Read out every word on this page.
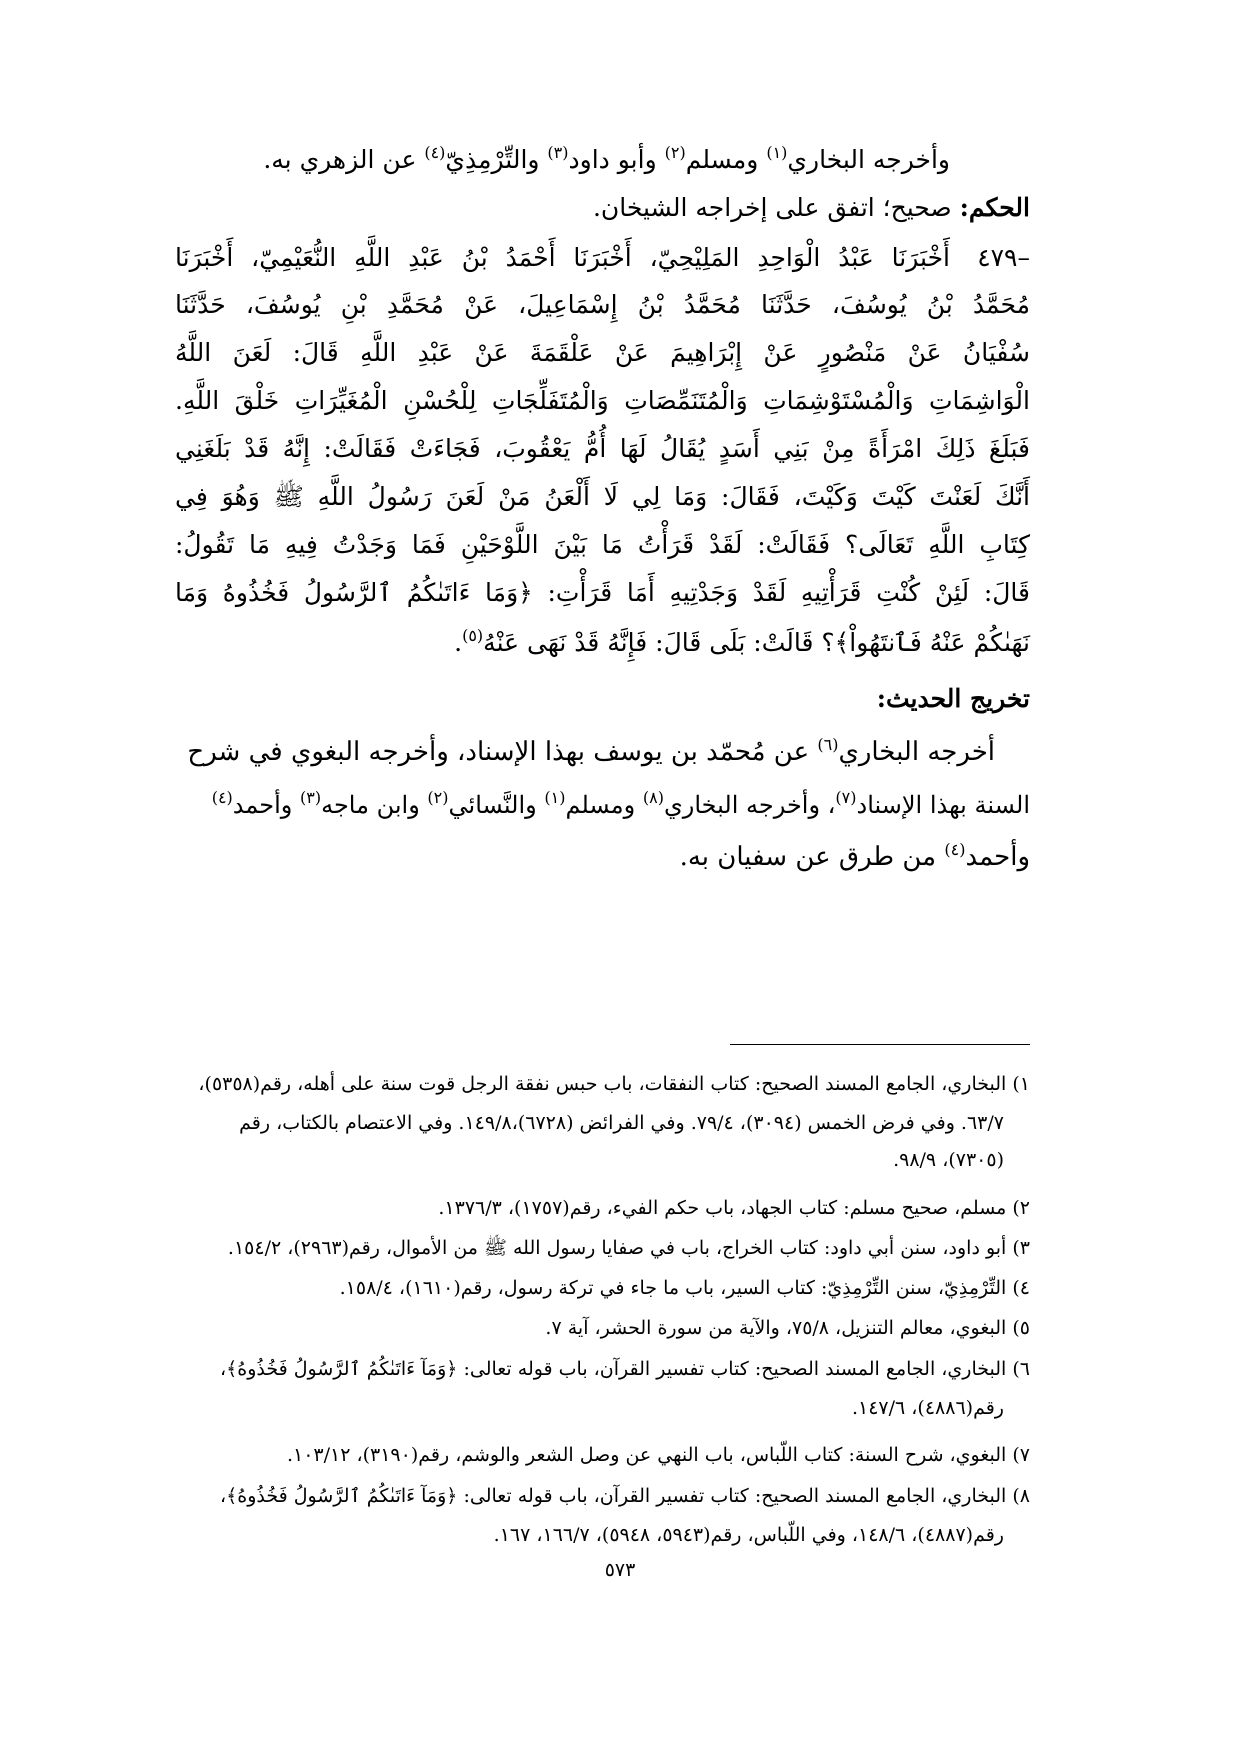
وأخرجه البخاري$^{(١)}$ ومسلم$^{(٢)}$ وأبو داود$^{(٣)}$ والتِّرْمِذِيّ$^{(٤)}$ عن الزهري به.
الحكم: صحيح؛ اتفق على إخراجه الشيخان.
٤٧٩–
أَخْبَرَنَا عَبْدُ الْوَاحِدِ المَلِيْحِيّ، أَخْبَرَنَا أَحْمَدُ بْنُ عَبْدِ اللَّهِ النُّعَيْمِيّ، أَخْبَرَنَا
مُحَمَّدُ بْنُ يُوسُفَ، حَدَّثَنَا مُحَمَّدُ بْنُ إِسْمَاعِيلَ، عَنْ مُحَمَّدِ بْنِ يُوسُفَ، حَدَّثَنَا
سُفْيَانُ عَنْ مَنْصُورٍ عَنْ إِبْرَاهِيمَ عَنْ عَلْقَمَةَ عَنْ عَبْدِ اللَّهِ قَالَ: لَعَنَ اللَّهُ
الْوَاشِمَاتِ وَالْمُسْتَوْشِمَاتِ وَالْمُتَنَمِّصَاتِ وَالْمُتَفَلِّجَاتِ لِلْحُسْنِ الْمُغَيِّرَاتِ خَلْقَ اللَّهِ.
فَبَلَغَ ذَلِكَ امْرَأَةً مِنْ بَنِي أَسَدٍ يُقَالُ لَهَا أُمُّ يَعْقُوبَ، فَجَاءَتْ فَقَالَتْ: إِنَّهُ قَدْ بَلَغَنِي
أَنَّكَ لَعَنْتَ كَيْتَ وَكَيْتَ، فَقَالَ: وَمَا لِي لَا أَلْعَنُ مَنْ لَعَنَ رَسُولُ اللَّهِ ﷺ وَهُوَ فِي
كِتَابِ اللَّهِ تَعَالَى؟ فَقَالَتْ: لَقَدْ قَرَأْتُ مَا بَيْنَ اللَّوْحَيْنِ فَمَا وَجَدْتُ فِيهِ مَا تَقُولُ:
قَالَ: لَئِنْ كُنْتِ قَرَأْتِيهِ لَقَدْ وَجَدْتِيهِ أَمَا قَرَأْتِ: ﴿وَمَا ءَاتَىٰكُمُ ٱلرَّسُولُ فَخُذُوهُ وَمَا
نَهَىٰكُمْ عَنْهُ فَٱنتَهُواْ﴾؟ قَالَتْ: بَلَى قَالَ: فَإِنَّهُ قَدْ نَهَى عَنْهُ$^{(٥)}$.
تخريج الحديث:
أخرجه البخاري$^{(٦)}$ عن مُحمّد بن يوسف بهذا الإسناد، وأخرجه البغوي في شرح
السنة بهذا الإسناد$^{(٧)}$، وأخرجه البخاري$^{(٨)}$ ومسلم$^{(١)}$ والنَّسائي$^{(٢)}$ وابن ماجه$^{(٣)}$ وأحمد$^{(٤)}$
وأحمد$^{(٤)}$ من طرق عن سفيان به.
١) البخاري، الجامع المسند الصحيح: كتاب النفقات، باب حبس نفقة الرجل قوت سنة على أهله، رقم(٥٣٥٨)،
٦٣/٧. وفي فرض الخمس (٣٠٩٤)، ٧٩/٤. وفي الفرائض (٦٧٢٨)،١٤٩/٨. وفي الاعتصام بالكتاب، رقم
(٧٣٠٥)، ٩٨/٩.
٢) مسلم، صحيح مسلم: كتاب الجهاد، باب حكم الفيء، رقم(١٧٥٧)، ١٣٧٦/٣.
٣) أبو داود، سنن أبي داود: كتاب الخراج، باب في صفايا رسول الله ﷺ من الأموال، رقم(٢٩٦٣)، ١٥٤/٢.
٤) التِّرْمِذِيّ، سنن التِّرْمِذِيّ: كتاب السير، باب ما جاء في تركة رسول، رقم(١٦١٠)، ١٥٨/٤.
٥) البغوي، معالم التنزيل، ٧٥/٨، والآية من سورة الحشر، آية ٧.
٦) البخاري، الجامع المسند الصحيح: كتاب تفسير القرآن، باب قوله تعالى: ﴿وَمَآ ءَاتَىٰكُمُ ٱلرَّسُولُ فَخُذُوهُ﴾،
رقم(٤٨٨٦)، ١٤٧/٦.
٧) البغوي، شرح السنة: كتاب اللّباس، باب النهي عن وصل الشعر والوشم، رقم(٣١٩٠)، ١٠٣/١٢.
٨) البخاري، الجامع المسند الصحيح: كتاب تفسير القرآن، باب قوله تعالى: ﴿وَمَآ ءَاتَىٰكُمُ ٱلرَّسُولُ فَخُذُوهُ﴾،
رقم(٤٨٨٧)، ١٤٨/٦، وفي اللّباس، رقم(٥٩٤٣، ٥٩٤٨)، ١٦٦/٧، ١٦٧.
٥٧٣
